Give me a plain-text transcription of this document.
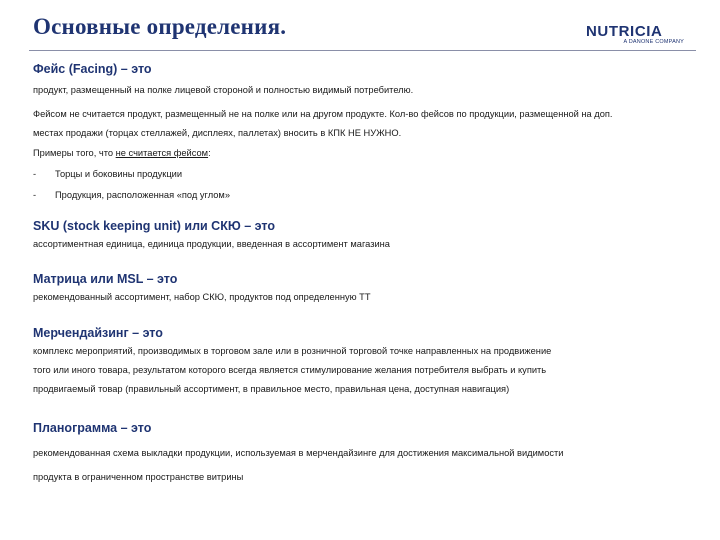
Основные определения.	NUTRICIA
A DANONE COMPANY

Фейс (Facing) – это

продукт, размещенный на полке лицевой стороной и полностью видимый потребителю.

Фейсом не считается продукт, размещенный не на полке или на другом продукте. Кол-во фейсов по продукции, размещенной на доп.

местах продажи (торцах стеллажей, дисплеях, паллетах) вносить в КПК НЕ НУЖНО.

Примеры того, что не считается фейсом:

-	Торцы и боковины продукции
-	Продукция, расположенная «под углом»

SKU (stock keeping unit) или СКЮ – это

ассортиментная единица, единица продукции, введенная в ассортимент магазина

Матрица или MSL – это

рекомендованный ассортимент, набор СКЮ, продуктов под определенную ТТ

Мерчендайзинг – это

комплекс мероприятий, производимых в торговом зале или в розничной торговой точке направленных на продвижение

того или иного товара, результатом которого всегда является стимулирование желания потребителя выбрать и купить

продвигаемый товар (правильный ассортимент, в правильное место, правильная цена, доступная навигация)

Планограмма – это

рекомендованная схема выкладки продукции, используемая в мерчендайзинге для достижения максимальной видимости

продукта в ограниченном пространстве витрины
